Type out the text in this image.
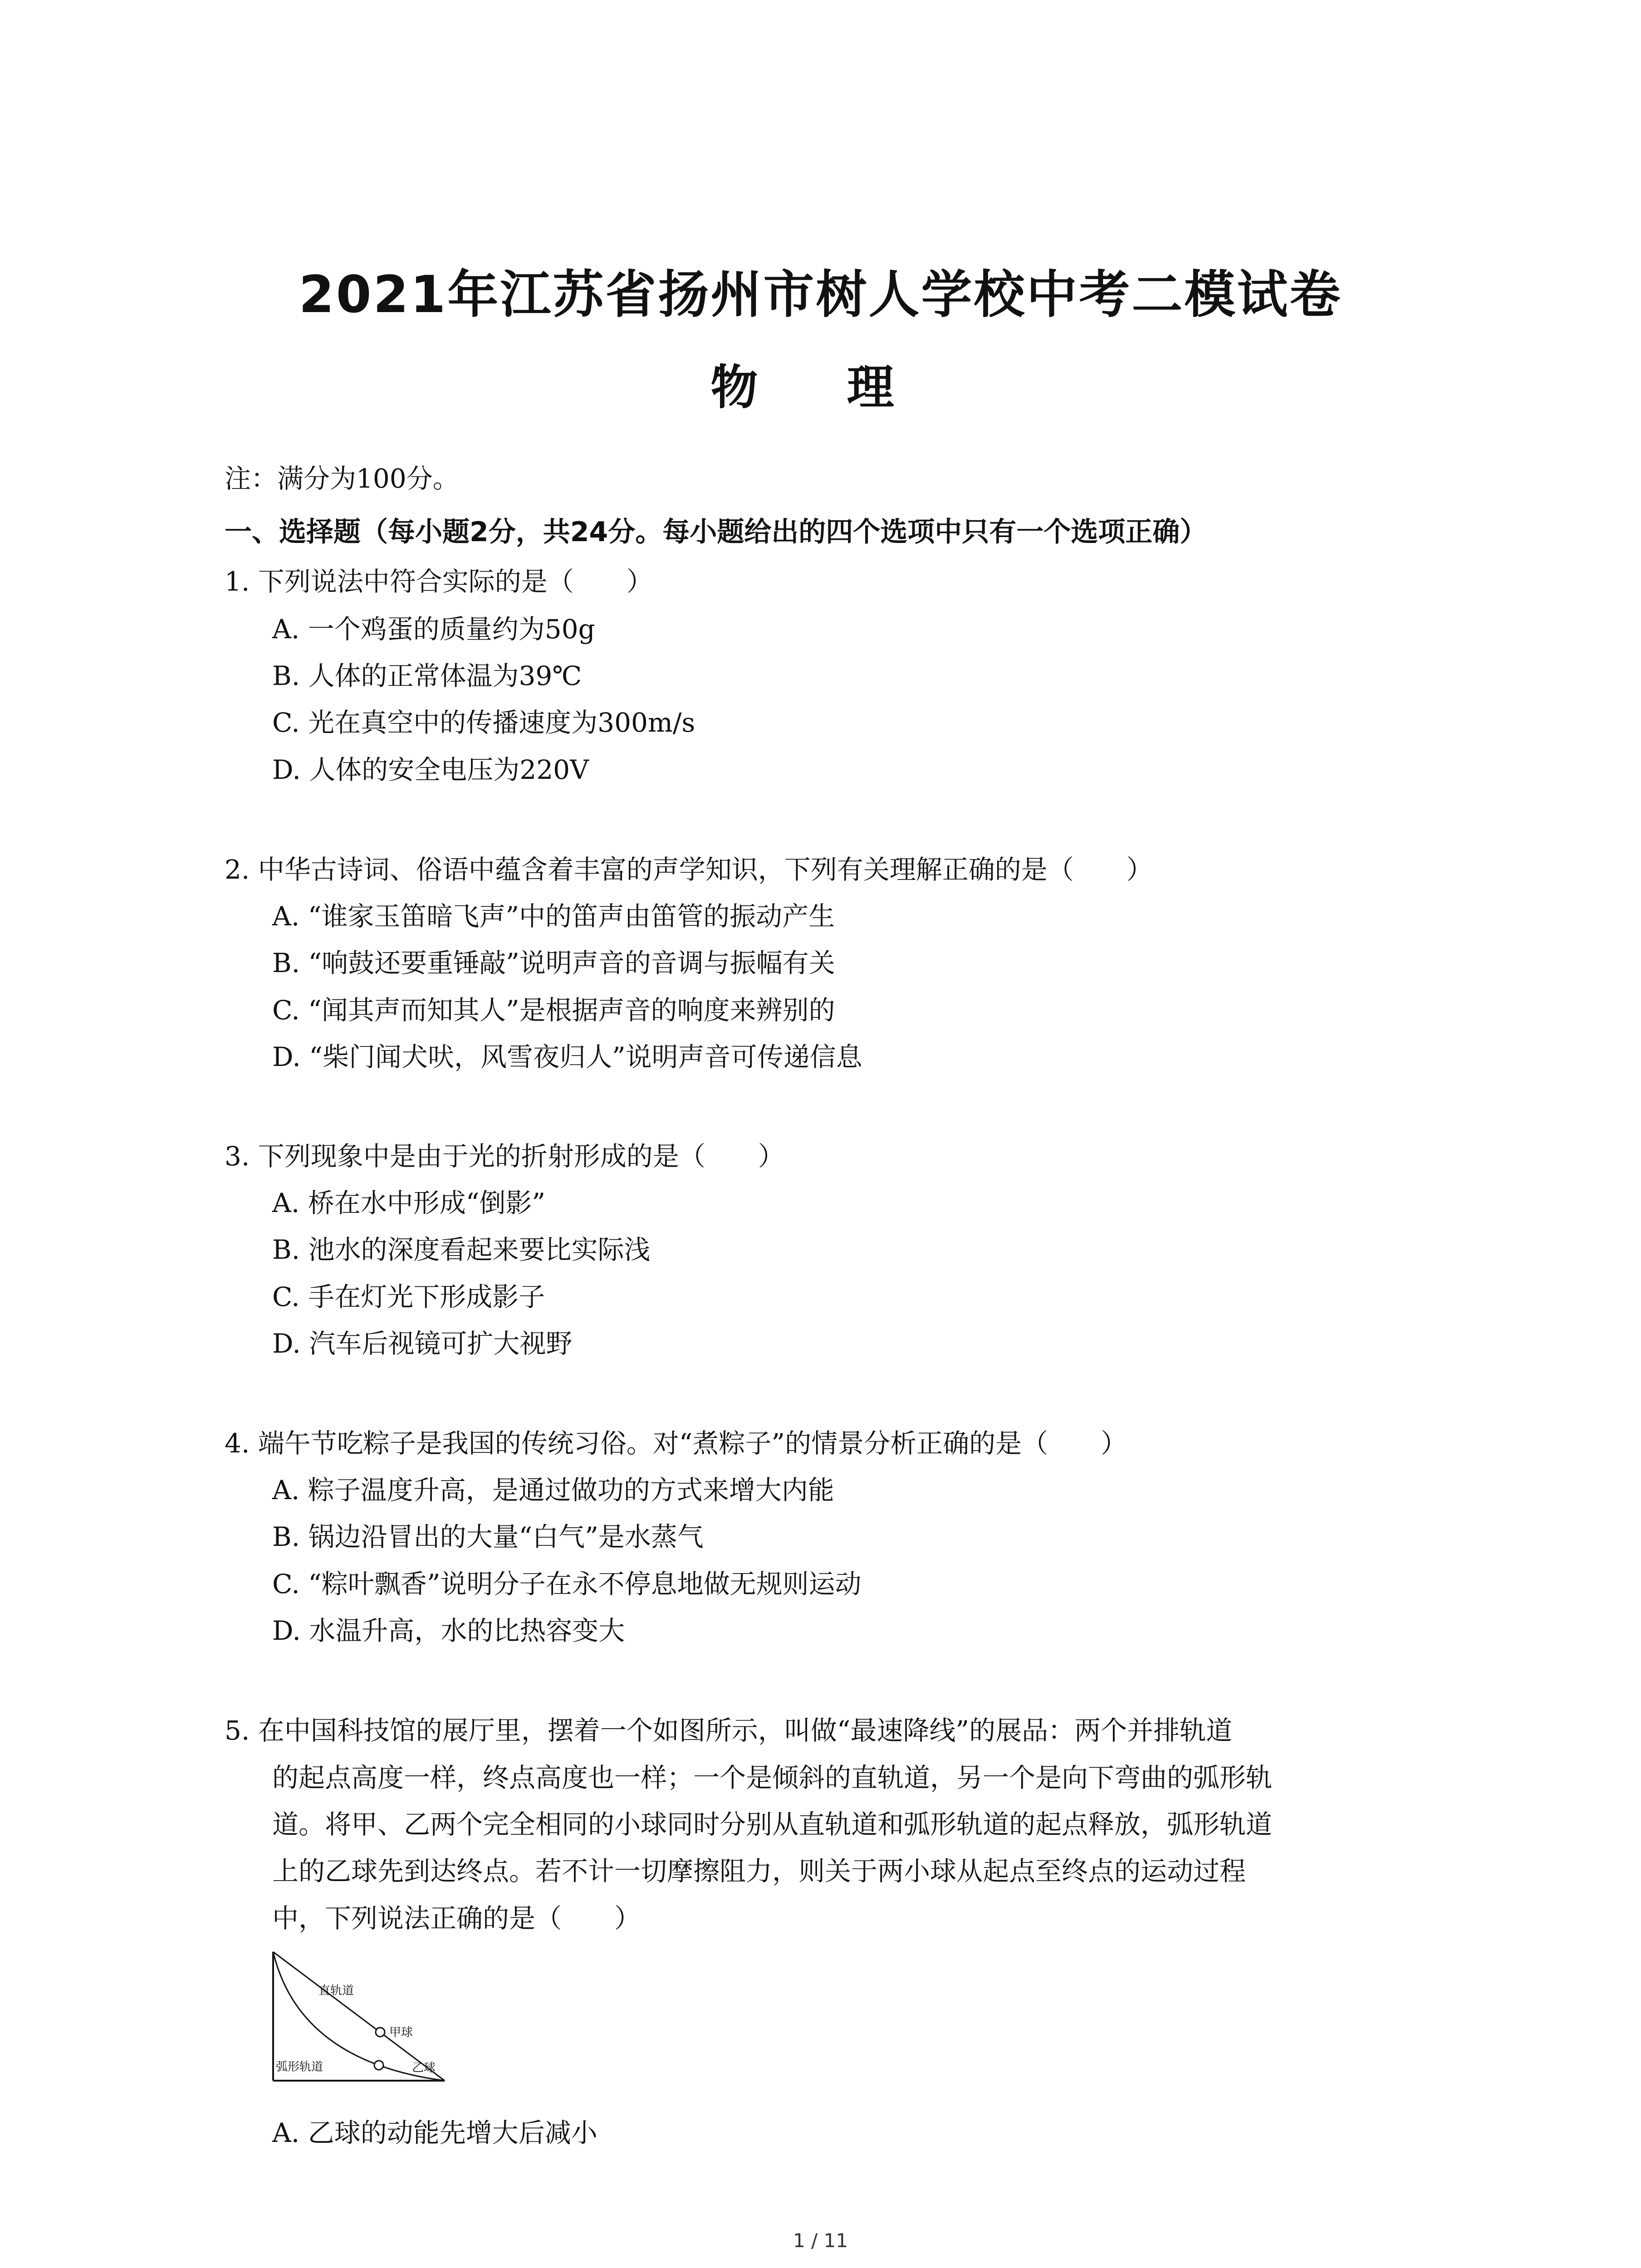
2021年江苏省扬州市树人学校中考二模试卷
物 理
注：满分为100分。
一、选择题（每小题2分，共24分。每小题给出的四个选项中只有一个选项正确）
1. 下列说法中符合实际的是（　　）
A. 一个鸡蛋的质量约为50g
B. 人体的正常体温为39℃
C. 光在真空中的传播速度为300m/s
D. 人体的安全电压为220V
2. 中华古诗词、俗语中蕴含着丰富的声学知识，下列有关理解正确的是（　　）
A. “谁家玉笛暗飞声”中的笛声由笛管的振动产生
B. “响鼓还要重锤敲”说明声音的音调与振幅有关
C. “闻其声而知其人”是根据声音的响度来辨别的
D. “柴门闻犬吠，风雪夜归人”说明声音可传递信息
3. 下列现象中是由于光的折射形成的是（　　）
A. 桥在水中形成“倒影”
B. 池水的深度看起来要比实际浅
C. 手在灯光下形成影子
D. 汽车后视镜可扩大视野
4. 端午节吃粽子是我国的传统习俗。对“煮粽子”的情景分析正确的是（　　）
A. 粽子温度升高，是通过做功的方式来增大内能
B. 锅边沿冒出的大量“白气”是水蒸气
C. “粽叶飘香”说明分子在永不停息地做无规则运动
D. 水温升高，水的比热容变大
5. 在中国科技馆的展厅里，摆着一个如图所示，叫做“最速降线”的展品：两个并排轨道
的起点高度一样，终点高度也一样；一个是倾斜的直轨道，另一个是向下弯曲的弧形轨
道。将甲、乙两个完全相同的小球同时分别从直轨道和弧形轨道的起点释放，弧形轨道
上的乙球先到达终点。若不计一切摩擦阻力，则关于两小球从起点至终点的运动过程
中，下列说法正确的是（　　）
直轨道
甲球
弧形轨道	乙球
A. 乙球的动能先增大后减小
1 / 11
